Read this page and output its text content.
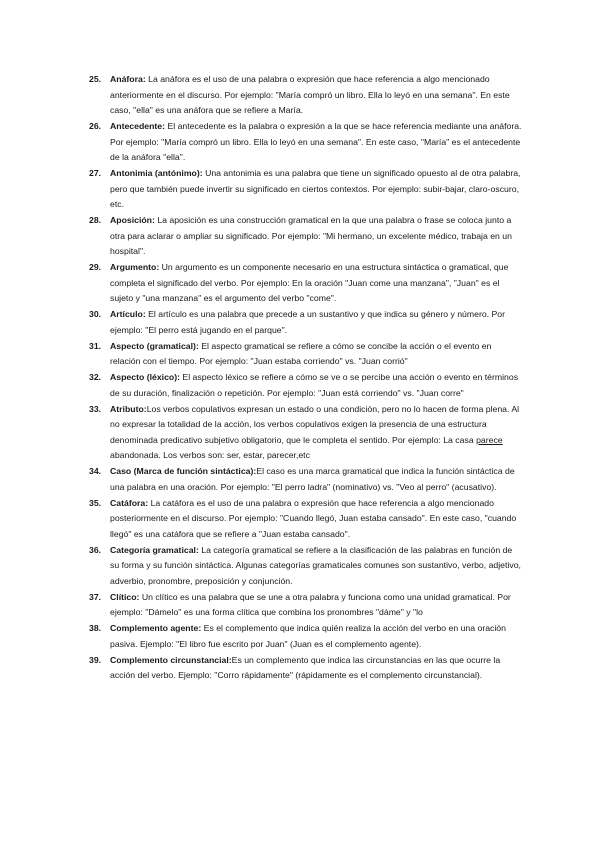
25. Anáfora: La anáfora es el uso de una palabra o expresión que hace referencia a algo mencionado anteriormente en el discurso. Por ejemplo: "María compró un libro. Ella lo leyó en una semana". En este caso, "ella" es una anáfora que se refiere a María.

26. Antecedente: El antecedente es la palabra o expresión a la que se hace referencia mediante una anáfora. Por ejemplo: "María compró un libro. Ella lo leyó en una semana". En este caso, "María" es el antecedente de la anáfora "ella".

27. Antonimia (antónimo): Una antonimia es una palabra que tiene un significado opuesto al de otra palabra, pero que también puede invertir su significado en ciertos contextos. Por ejemplo: subir-bajar, claro-oscuro, etc.

28. Aposición: La aposición es una construcción gramatical en la que una palabra o frase se coloca junto a otra para aclarar o ampliar su significado. Por ejemplo: "Mi hermano, un excelente médico, trabaja en un hospital".

29. Argumento: Un argumento es un componente necesario en una estructura sintáctica o gramatical, que completa el significado del verbo. Por ejemplo: En la oración "Juan come una manzana", "Juan" es el sujeto y "una manzana" es el argumento del verbo "come".

30. Artículo: El artículo es una palabra que precede a un sustantivo y que indica su género y número. Por ejemplo: "El perro está jugando en el parque".

31. Aspecto (gramatical): El aspecto gramatical se refiere a cómo se concibe la acción o el evento en relación con el tiempo. Por ejemplo: "Juan estaba corriendo" vs. "Juan corrió"

32. Aspecto (léxico): El aspecto léxico se refiere a cómo se ve o se percibe una acción o evento en términos de su duración, finalización o repetición. Por ejemplo: "Juan está corriendo" vs. "Juan corre"

33. Atributo:Los verbos copulativos expresan un estado o una condición, pero no lo hacen de forma plena. Al no expresar la totalidad de la acción, los verbos copulativos exigen la presencia de una estructura denominada predicativo subjetivo obligatorio, que le completa el sentido. Por ejemplo: La casa parece abandonada. Los verbos son: ser, estar, parecer,etc

34. Caso (Marca de función sintáctica):El caso es una marca gramatical que indica la función sintáctica de una palabra en una oración. Por ejemplo: "El perro ladra" (nominativo) vs. "Veo al perro" (acusativo).

35. Catáfora: La catáfora es el uso de una palabra o expresión que hace referencia a algo mencionado posteriormente en el discurso. Por ejemplo: "Cuando llegó, Juan estaba cansado". En este caso, "cuando llegó" es una catáfora que se refiere a "Juan estaba cansado".

36. Categoría gramatical: La categoría gramatical se refiere a la clasificación de las palabras en función de su forma y su función sintáctica. Algunas categorías gramaticales comunes son sustantivo, verbo, adjetivo, adverbio, pronombre, preposición y conjunción.

37. Clítico: Un clítico es una palabra que se une a otra palabra y funciona como una unidad gramatical. Por ejemplo: "Dámelo" es una forma clítica que combina los pronombres "dáme" y "lo

38. Complemento agente: Es el complemento que indica quién realiza la acción del verbo en una oración pasiva. Ejemplo: "El libro fue escrito por Juan" (Juan es el complemento agente).

39. Complemento circunstancial:Es un complemento que indica las circunstancias en las que ocurre la acción del verbo. Ejemplo: "Corro rápidamente" (rápidamente es el complemento circunstancial).
